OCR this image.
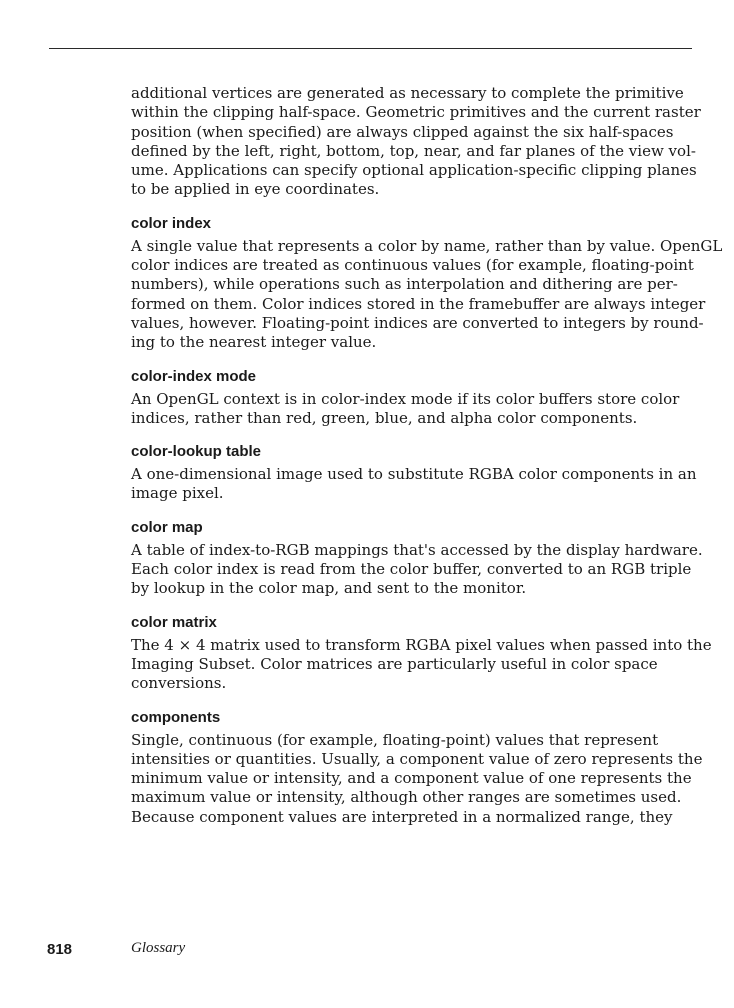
additional vertices are generated as necessary to complete the primitive
within the clipping half-space. Geometric primitives and the current raster
position (when specified) are always clipped against the six half-spaces
defined by the left, right, bottom, top, near, and far planes of the view vol-
ume. Applications can specify optional application-specific clipping planes
to be applied in eye coordinates.

color index

A single value that represents a color by name, rather than by value. OpenGL
color indices are treated as continuous values (for example, floating-point
numbers), while operations such as interpolation and dithering are per-
formed on them. Color indices stored in the framebuffer are always integer
values, however. Floating-point indices are converted to integers by round-
ing to the nearest integer value.

color-index mode

An OpenGL context is in color-index mode if its color buffers store color
indices, rather than red, green, blue, and alpha color components.

color-lookup table

A one-dimensional image used to substitute RGBA color components in an
image pixel.

color map

A table of index-to-RGB mappings that's accessed by the display hardware.
Each color index is read from the color buffer, converted to an RGB triple
by lookup in the color map, and sent to the monitor.

color matrix

The 4 × 4 matrix used to transform RGBA pixel values when passed into the
Imaging Subset. Color matrices are particularly useful in color space
conversions.

components

Single, continuous (for example, floating-point) values that represent
intensities or quantities. Usually, a component value of zero represents the
minimum value or intensity, and a component value of one represents the
maximum value or intensity, although other ranges are sometimes used.
Because component values are interpreted in a normalized range, they

818	Glossary
